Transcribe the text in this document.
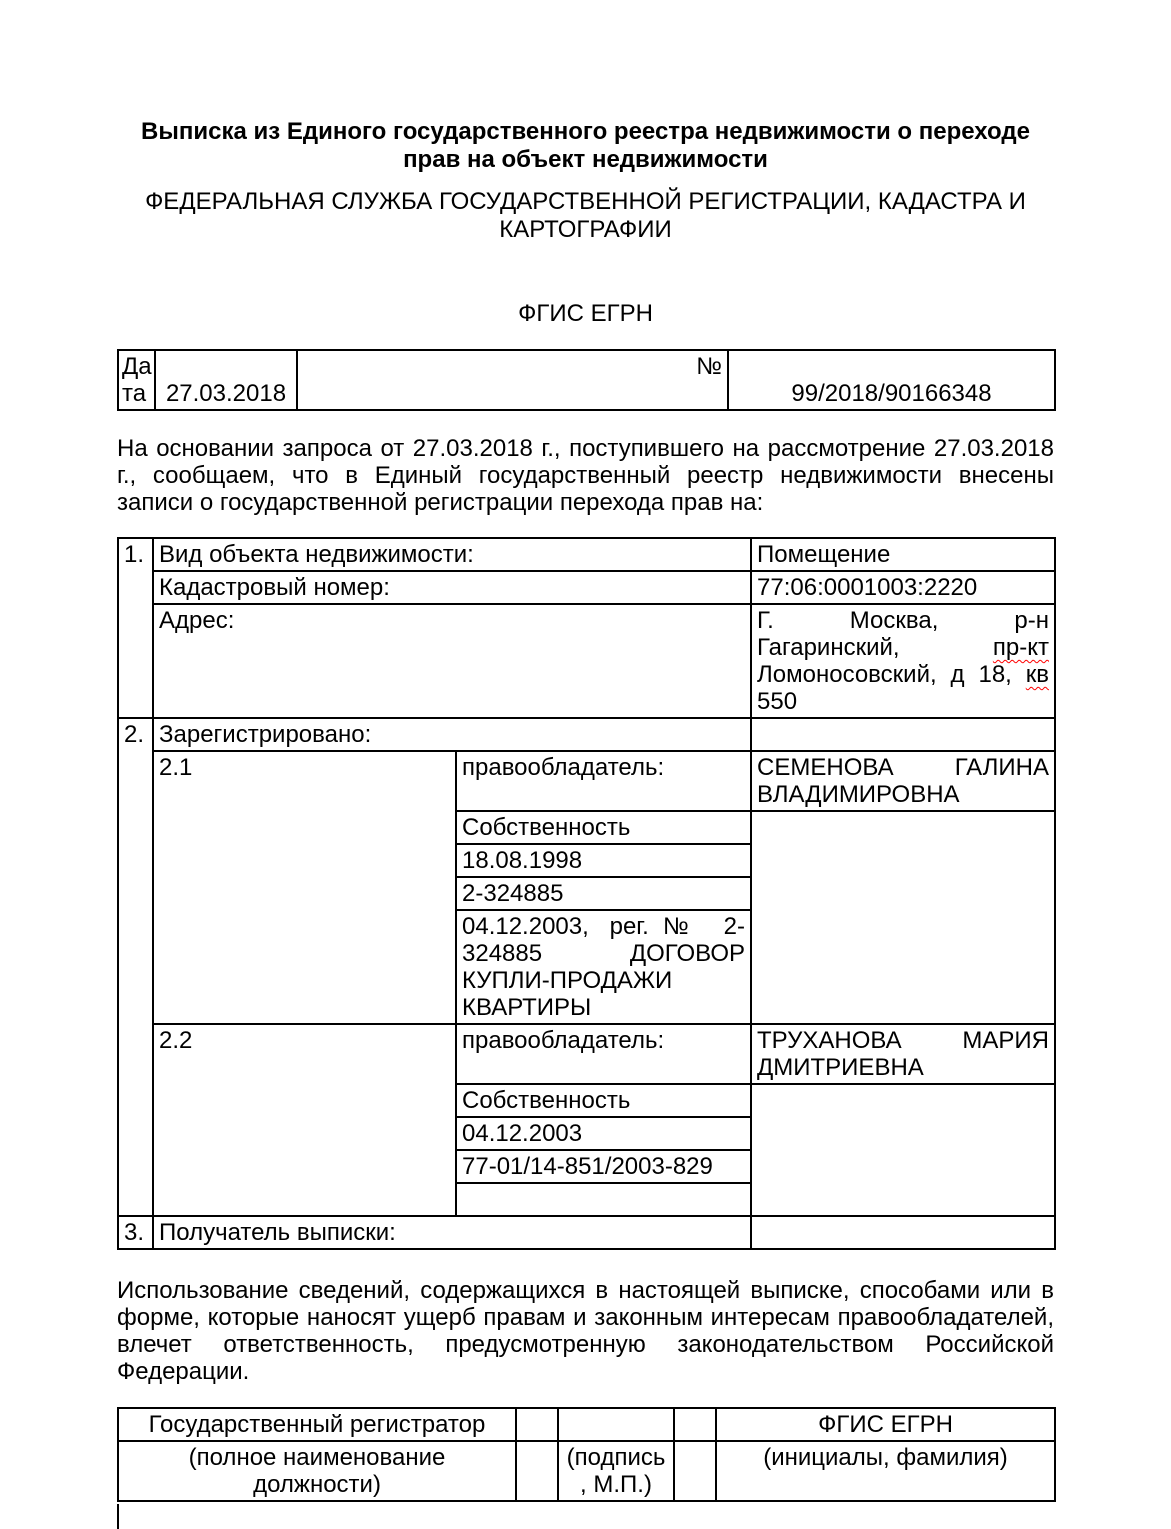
Выписка из Единого государственного реестра недвижимости о переходе прав на объект недвижимости
ФЕДЕРАЛЬНАЯ СЛУЖБА ГОСУДАРСТВЕННОЙ РЕГИСТРАЦИИ, КАДАСТРА И КАРТОГРАФИИ
ФГИС ЕГРН
Дата	27.03.2018	№	99/2018/90166348

На основании запроса от 27.03.2018 г., поступившего на рассмотрение 27.03.2018 г., сообщаем, что в Единый государственный реестр недвижимости внесены записи о государственной регистрации перехода прав на:

1.	Вид объекта недвижимости:		Помещение
	Кадастровый номер:		77:06:0001003:2220
	Адрес:		Г. Москва, р-н Гагаринский, пр-кт Ломоносовский, д 18, кв 550
2.	Зарегистрировано:		
	2.1	правообладатель:	СЕМЕНОВА ГАЛИНА ВЛАДИМИРОВНА
		Собственность	
		18.08.1998	
		2-324885	
		04.12.2003, рег.№ 2-324885 ДОГОВОР КУПЛИ-ПРОДАЖИ КВАРТИРЫ	
	2.2	правообладатель:	ТРУХАНОВА МАРИЯ ДМИТРИЕВНА
		Собственность	
		04.12.2003	
		77-01/14-851/2003-829	

3.	Получатель выписки:		

Использование сведений, содержащихся в настоящей выписке, способами или в форме, которые наносят ущерб правам и законным интересам правообладателей, влечет ответственность, предусмотренную законодательством Российской Федерации.

Государственный регистратор				ФГИС ЕГРН
(полное наименование должности)		(подпись, М.П.)		(инициалы, фамилия)
